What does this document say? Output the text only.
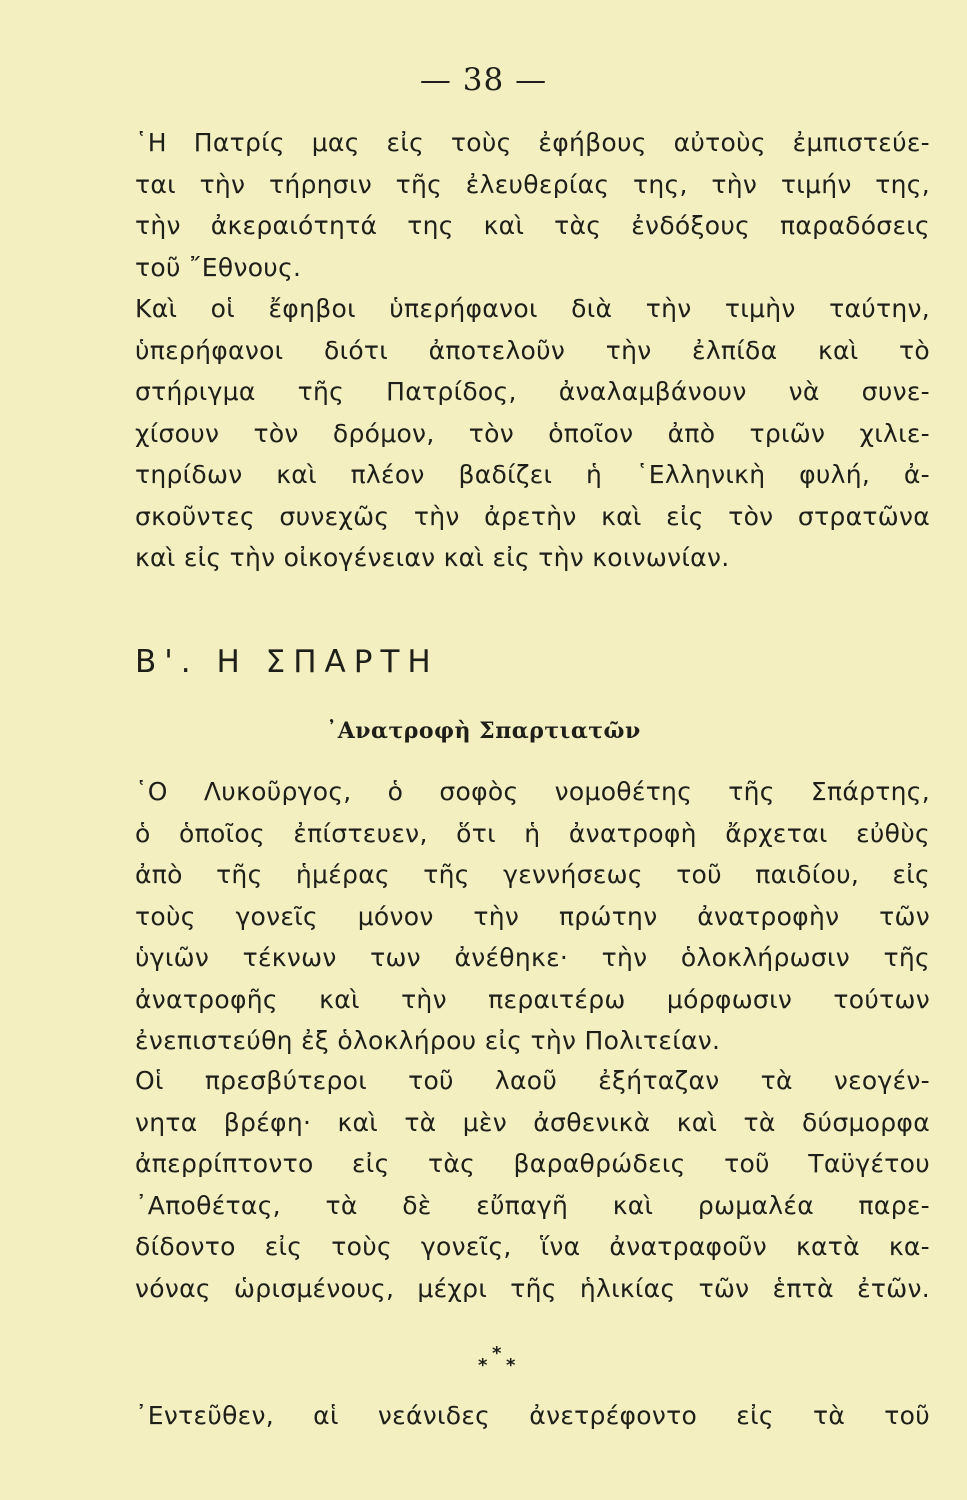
— 38 —
῾Η Πατρίς μας εἰς τοὺς ἐφήβους αὐτοὺς ἐμπιστεύε-
ται τὴν τήρησιν τῆς ἐλευθερίας της, τὴν τιμήν της,
τὴν ἀκεραιότητά της καὶ τὰς ἐνδόξους παραδόσεις
τοῦ ῎Εθνους.
Καὶ οἱ ἔφηβοι ὑπερήφανοι διὰ τὴν τιμὴν ταύτην,
ὑπερήφανοι διότι ἀποτελοῦν τὴν ἐλπίδα καὶ τὸ
στήριγμα τῆς Πατρίδος, ἀναλαμβάνουν νὰ συνε-
χίσουν τὸν δρόμον, τὸν ὁποῖον ἀπὸ τριῶν χιλιε-
τηρίδων καὶ πλέον βαδίζει ἡ ῾Ελληνικὴ φυλή, ἀ-
σκοῦντες συνεχῶς τὴν ἀρετὴν καὶ εἰς τὸν στρατῶνα
καὶ εἰς τὴν οἰκογένειαν καὶ εἰς τὴν κοινωνίαν.
Β'. Η ΣΠΑΡΤΗ
᾿Ανατροφὴ Σπαρτιατῶν
῾Ο Λυκοῦργος, ὁ σοφὸς νομοθέτης τῆς Σπάρτης,
ὁ ὁποῖος ἐπίστευεν, ὅτι ἡ ἀνατροφὴ ἄρχεται εὐθὺς
ἀπὸ τῆς ἡμέρας τῆς γεννήσεως τοῦ παιδίου, εἰς
τοὺς γονεῖς μόνον τὴν πρώτην ἀνατροφὴν τῶν
ὑγιῶν τέκνων των ἀνέθηκε· τὴν ὁλοκλήρωσιν τῆς
ἀνατροφῆς καὶ τὴν περαιτέρω μόρφωσιν τούτων
ἐνεπιστεύθη ἐξ ὁλοκλήρου εἰς τὴν Πολιτείαν.
Οἱ πρεσβύτεροι τοῦ λαοῦ ἐξήταζαν τὰ νεογέν-
νητα βρέφη· καὶ τὰ μὲν ἀσθενικὰ καὶ τὰ δύσμορφα
ἀπερρίπτοντο εἰς τὰς βαραθρώδεις τοῦ Ταϋγέτου
᾿Αποθέτας, τὰ δὲ εὔπαγῆ καὶ ρωμαλέα παρε-
δίδοντο εἰς τοὺς γονεῖς, ἵνα ἀνατραφοῦν κατὰ κα-
νόνας ὡρισμένους, μέχρι τῆς ἡλικίας τῶν ἑπτὰ ἐτῶν.
*
* *
᾿Εντεῦθεν, αἱ νεάνιδες ἀνετρέφοντο εἰς τὰ τοῦ
